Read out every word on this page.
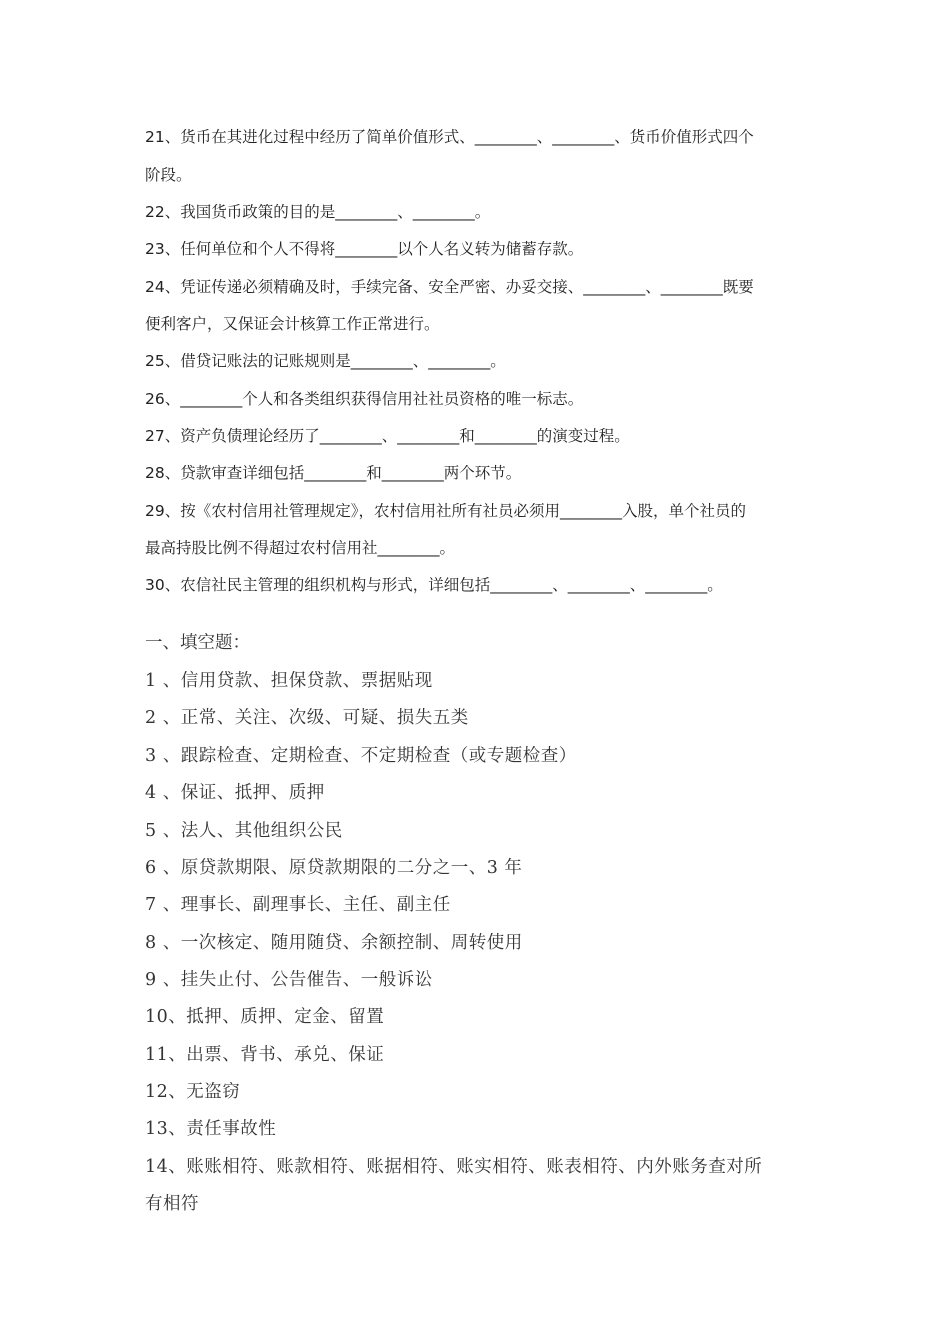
21、货币在其进化过程中经历了简单价值形式、________、________、货币价值形式四个
阶段。
22、我国货币政策的目的是________、________。
23、任何单位和个人不得将________以个人名义转为储蓄存款。
24、凭证传递必须精确及时，手续完备、安全严密、办妥交接、________、________既要
便利客户，又保证会计核算工作正常进行。
25、借贷记账法的记账规则是________、________。
26、________个人和各类组织获得信用社社员资格的唯一标志。
27、资产负债理论经历了________、________和________的演变过程。
28、贷款审查详细包括________和________两个环节。
29、按《农村信用社管理规定》，农村信用社所有社员必须用________入股，单个社员的
最高持股比例不得超过农村信用社________。
30、农信社民主管理的组织机构与形式，详细包括________、________、________。
一、填空题：
1 、信用贷款、担保贷款、票据贴现
2 、正常、关注、次级、可疑、损失五类
3 、跟踪检查、定期检查、不定期检查（或专题检查）
4 、保证、抵押、质押
5 、法人、其他组织公民
6 、原贷款期限、原贷款期限的二分之一、3 年
7 、理事长、副理事长、主任、副主任
8 、一次核定、随用随贷、余额控制、周转使用
9 、挂失止付、公告催告、一般诉讼
10、抵押、质押、定金、留置
11、出票、背书、承兑、保证
12、无盗窃
13、责任事故性
14、账账相符、账款相符、账据相符、账实相符、账表相符、内外账务查对所
有相符
